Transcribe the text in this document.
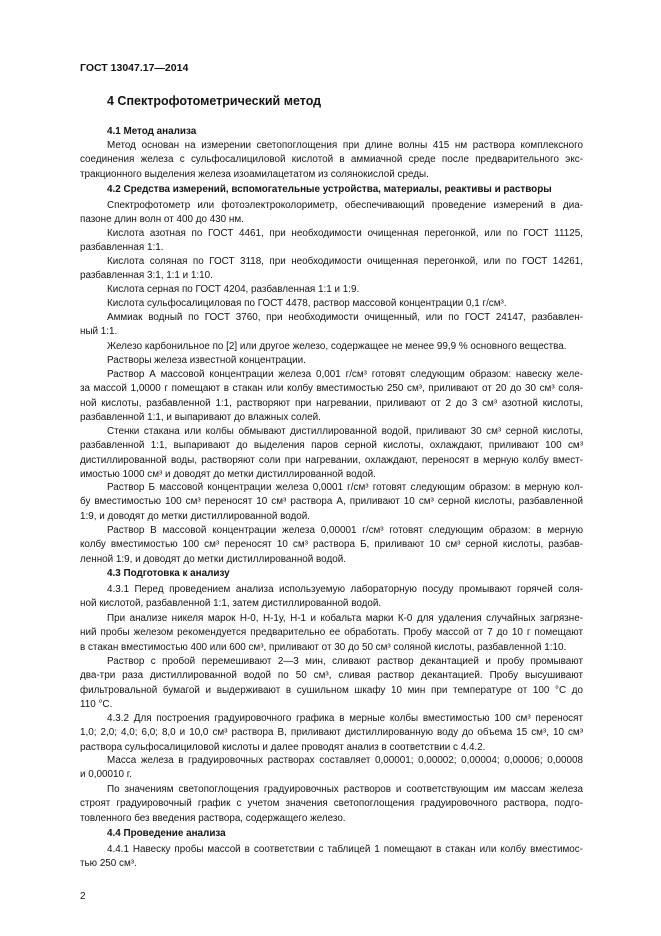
ГОСТ 13047.17—2014
4 Спектрофотометрический метод
4.1 Метод анализа
Метод основан на измерении светопоглощения при длине волны 415 нм раствора комплексного
соединения железа с сульфосалициловой кислотой в аммиачной среде после предварительного экс-
тракционного выделения железа изоамилацетатом из солянокислой среды.
4.2 Средства измерений, вспомогательные устройства, материалы, реактивы и растворы
Спектрофотометр или фотоэлектроколориметр, обеспечивающий проведение измерений в диа-
пазоне длин волн от 400 до 430 нм.
Кислота азотная по ГОСТ 4461, при необходимости очищенная перегонкой, или по ГОСТ 11125,
разбавленная 1:1.
Кислота соляная по ГОСТ 3118, при необходимости очищенная перегонкой, или по ГОСТ 14261,
разбавленная 3:1, 1:1 и 1:10.
Кислота серная по ГОСТ 4204, разбавленная 1:1 и 1:9.
Кислота сульфосалициловая по ГОСТ 4478, раствор массовой концентрации 0,1 г/см³.
Аммиак водный по ГОСТ 3760, при необходимости очищенный, или по ГОСТ 24147, разбавлен-
ный 1:1.
Железо карбонильное по [2] или другое железо, содержащее не менее 99,9 % основного вещества.
Растворы железа известной концентрации.
Раствор А массовой концентрации железа 0,001 г/см³ готовят следующим образом: навеску желе-
за массой 1,0000 г помещают в стакан или колбу вместимостью 250 см³, приливают от 20 до 30 см³ соля-
ной кислоты, разбавленной 1:1, растворяют при нагревании, приливают от 2 до 3 см³ азотной кислоты,
разбавленной 1:1, и выпаривают до влажных солей.
Стенки стакана или колбы обмывают дистиллированной водой, приливают 30 см³ серной кислоты,
разбавленной 1:1, выпаривают до выделения паров серной кислоты, охлаждают, приливают 100 см³
дистиллированной воды, растворяют соли при нагревании, охлаждают, переносят в мерную колбу вмест-
имостью 1000 см³ и доводят до метки дистиллированной водой.
Раствор Б массовой концентрации железа 0,0001 г/см³ готовят следующим образом: в мерную кол-
бу вместимостью 100 см³ переносят 10 см³ раствора А, приливают 10 см³ серной кислоты, разбавленной
1:9, и доводят до метки дистиллированной водой.
Раствор В массовой концентрации железа 0,00001 г/см³ готовят следующим образом: в мерную
колбу вместимостью 100 см³ переносят 10 см³ раствора Б, приливают 10 см³ серной кислоты, разбав-
ленной 1:9, и доводят до метки дистиллированной водой.
4.3 Подготовка к анализу
4.3.1 Перед проведением анализа используемую лабораторную посуду промывают горячей соля-
ной кислотой, разбавленной 1:1, затем дистиллированной водой.
При анализе никеля марок Н-0, Н-1у, Н-1 и кобальта марки К-0 для удаления случайных загрязне-
ний пробы железом рекомендуется предварительно ее обработать. Пробу массой от 7 до 10 г помещают
в стакан вместимостью 400 или 600 см³, приливают от 30 до 50 см³ соляной кислоты, разбавленной 1:10.
Раствор с пробой перемешивают 2—3 мин, сливают раствор декантацией и пробу промывают
два-три раза дистиллированной водой по 50 см³, сливая раствор декантацией. Пробу высушивают
фильтровальной бумагой и выдерживают в сушильном шкафу 10 мин при температуре от 100 °С до
110 °С.
4.3.2 Для построения градуировочного графика в мерные колбы вместимостью 100 см³ переносят
1,0; 2,0; 4,0; 6,0; 8,0 и 10,0 см³ раствора В, приливают дистиллированную воду до объема 15 см³, 10 см³
раствора сульфосалициловой кислоты и далее проводят анализ в соответствии с 4.4.2.
Масса железа в градуировочных растворах составляет 0,00001; 0,00002; 0,00004; 0,00006; 0,00008
и 0,00010 г.
По значениям светопоглощения градуировочных растворов и соответствующим им массам железа
строят градуировочный график с учетом значения светопоглощения градуировочного раствора, подго-
товленного без введения раствора, содержащего железо.
4.4 Проведение анализа
4.4.1 Навеску пробы массой в соответствии с таблицей 1 помещают в стакан или колбу вместимос-
тью 250 см³.
2
